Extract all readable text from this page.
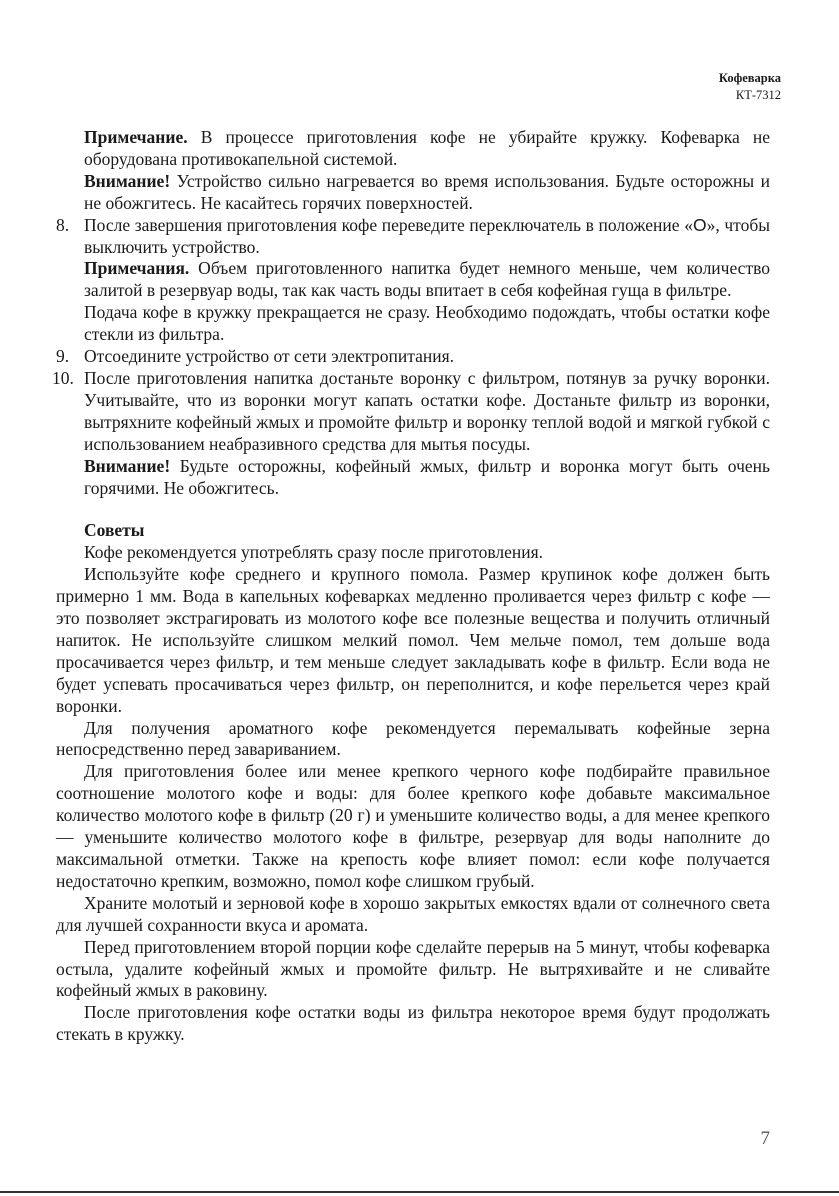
Кофеварка
КТ-7312

Примечание. В процессе приготовления кофе не убирайте кружку. Кофеварка не оборудована противокапельной системой.

Внимание! Устройство сильно нагревается во время использования. Будьте осторожны и не обожгитесь. Не касайтесь горячих поверхностей.

8. После завершения приготовления кофе переведите переключатель в положение «O», чтобы выключить устройство.

Примечания. Объем приготовленного напитка будет немного меньше, чем количество залитой в резервуар воды, так как часть воды впитает в себя кофейная гуща в фильтре.

Подача кофе в кружку прекращается не сразу. Необходимо подождать, чтобы остатки кофе стекли из фильтра.

9. Отсоедините устройство от сети электропитания.
10. После приготовления напитка достаньте воронку с фильтром, потянув за ручку воронки. Учитывайте, что из воронки могут капать остатки кофе. Достаньте фильтр из воронки, вытряхните кофейный жмых и промойте фильтр и воронку теплой водой и мягкой губкой с использованием неабразивного средства для мытья посуды.

Внимание! Будьте осторожны, кофейный жмых, фильтр и воронка могут быть очень горячими. Не обожгитесь.

Советы

Кофе рекомендуется употреблять сразу после приготовления.

Используйте кофе среднего и крупного помола. Размер крупинок кофе должен быть примерно 1 мм. Вода в капельных кофеварках медленно проливается через фильтр с кофе — это позволяет экстрагировать из молотого кофе все полезные вещества и получить отличный напиток. Не используйте слишком мелкий помол. Чем мельче помол, тем дольше вода просачивается через фильтр, и тем меньше следует закладывать кофе в фильтр. Если вода не будет успевать просачиваться через фильтр, он переполнится, и кофе перельется через край воронки.

Для получения ароматного кофе рекомендуется перемалывать кофейные зерна непосредственно перед завариванием.

Для приготовления более или менее крепкого черного кофе подбирайте правильное соотношение молотого кофе и воды: для более крепкого кофе добавьте максимальное количество молотого кофе в фильтр (20 г) и уменьшите количество воды, а для менее крепкого — уменьшите количество молотого кофе в фильтре, резервуар для воды наполните до максимальной отметки. Также на крепость кофе влияет помол: если кофе получается недостаточно крепким, возможно, помол кофе слишком грубый.

Храните молотый и зерновой кофе в хорошо закрытых емкостях вдали от солнечного света для лучшей сохранности вкуса и аромата.

Перед приготовлением второй порции кофе сделайте перерыв на 5 минут, чтобы кофеварка остыла, удалите кофейный жмых и промойте фильтр. Не вытряхивайте и не сливайте кофейный жмых в раковину.

После приготовления кофе остатки воды из фильтра некоторое время будут продолжать стекать в кружку.

7
